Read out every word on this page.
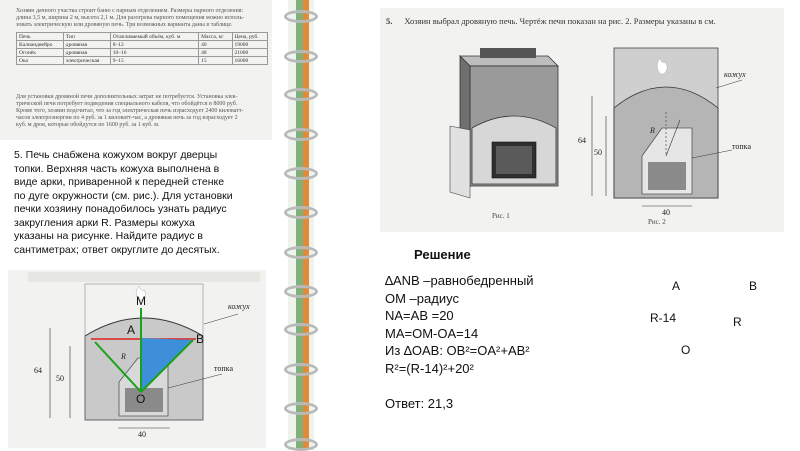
Хозяин дачного участка строит баню с парным отделением. Размеры парного отделения:
длина 3,5 м, ширина 2 м, высота 2,1 м. Для разогрева парного помещения можно исполь-
зовать электрическую или дровяную печь. Три возможных варианта даны в таблице.
Печь	Тип	Отапливаемый объём, куб. м	Масса, кг	Цена, руб.
Калиандвейро	дровяная	8–12	40	19000
Огонёк	дровяная	10–16	48	21000
Ока	электрическая	9–15	15	16000
Для установки дровяной печи дополнительных затрат не потребуется. Установка элек-
трической печи потребует подведения специального кабеля, что обойдётся в 8000 руб.
Кроме того, хозяин подсчитал, что за год электрическая печь израсходует 2400 киловатт-
часов электроэнергии по 4 руб. за 1 киловатт-час, а дровяная печь за год израсходует 2
куб. м дров, которые обойдутся по 1600 руб. за 1 куб. м.
5. Печь снабжена кожухом вокруг дверцы
топки. Верхняя часть кожуха выполнена в
виде арки, приваренной к передней стенке
по дуге окружности (см. рис.). Для установки
печки хозяину понадобилось узнать радиус
закругления арки R. Размеры кожуха
указаны на рисунке. Найдите радиус в
сантиметрах; ответ округлите до десятых.
кожух
топка
R
64
50
40
M
A
B
O
5. Хозяин выбрал дровяную печь. Чертёж печи показан на рис. 2. Размеры указаны в см.
кожух
топка
R
64
50
40
Рис. 1
Рис. 2
Решение
∆ANB –равнобедренный
OM –радиус
NA=AB =20
MA=OM-OA=14
Из ∆OAB: OB²=OA²+AB²
R²=(R-14)²+20²
Ответ: 21,3
A	B
R-14	R
O
